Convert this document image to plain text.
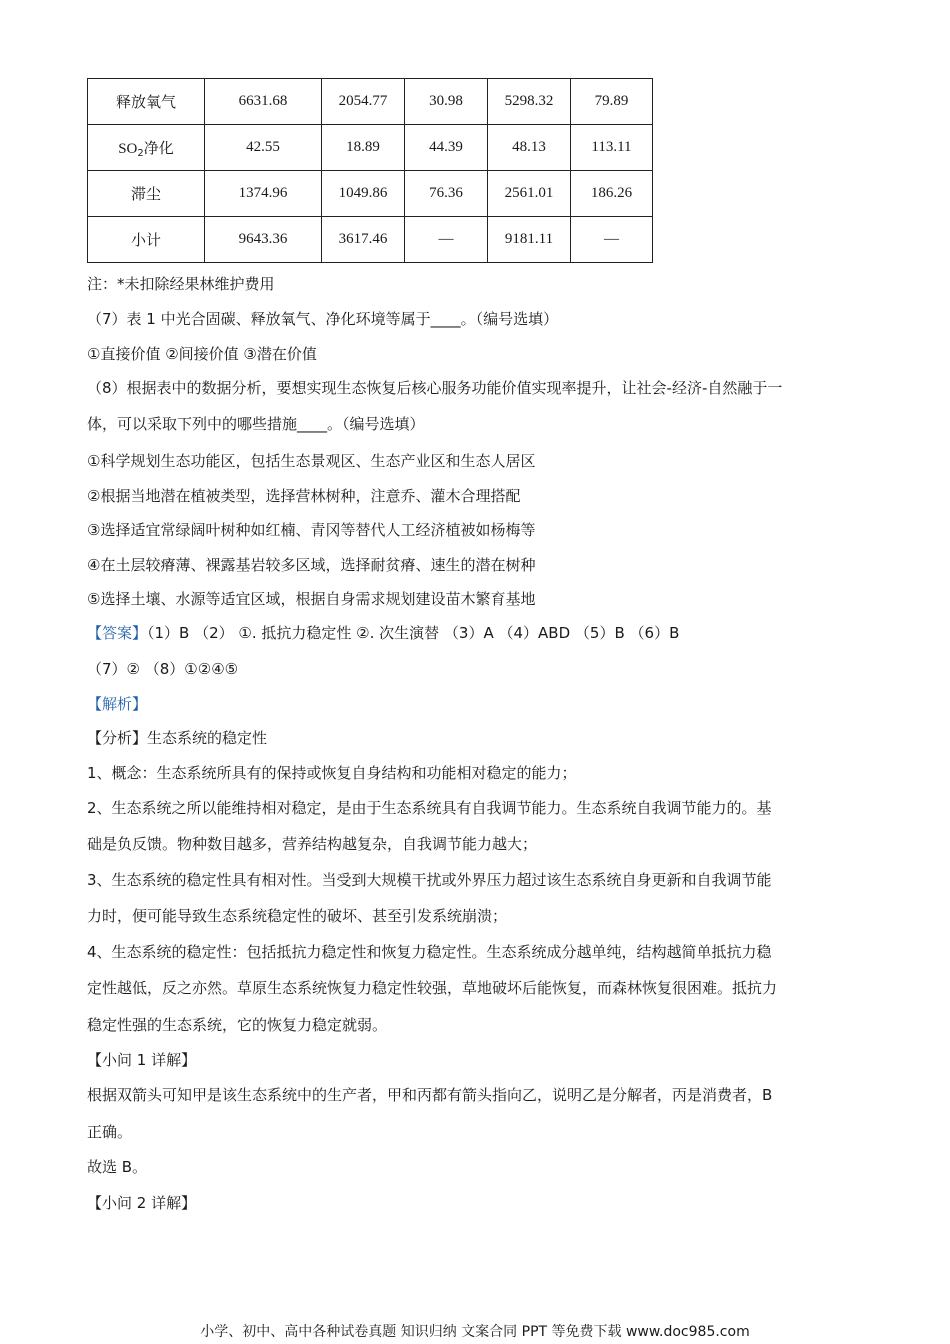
释放氧气	6631.68	2054.77	30.98	5298.32	79.89
$SO_2$净化	42.55	18.89	44.39	48.13	113.11
滞尘	1374.96	1049.86	76.36	2561.01	186.26
小计	9643.36	3617.46	—	9181.11	—
注：*未扣除经果林维护费用
（7）表 1 中光合固碳、释放氧气、净化环境等属于____。（编号选填）
①直接价值 ②间接价值 ③潜在价值
（8）根据表中的数据分析，要想实现生态恢复后核心服务功能价值实现率提升，让社会-经济-自然融于一
体，可以采取下列中的哪些措施____。（编号选填）
①科学规划生态功能区，包括生态景观区、生态产业区和生态人居区
②根据当地潜在植被类型，选择营林树种，注意乔、灌木合理搭配
③选择适宜常绿阔叶树种如红楠、青冈等替代人工经济植被如杨梅等
④在土层较瘠薄、裸露基岩较多区域，选择耐贫瘠、速生的潜在树种
⑤选择土壤、水源等适宜区域，根据自身需求规划建设苗木繁育基地
【答案】（1）B （2） ①. 抵抗力稳定性 ②. 次生演替 （3）A （4）ABD （5）B （6）B
（7）② （8）①②④⑤
【解析】
【分析】生态系统的稳定性
1、概念：生态系统所具有的保持或恢复自身结构和功能相对稳定的能力；
2、生态系统之所以能维持相对稳定，是由于生态系统具有自我调节能力。生态系统自我调节能力的。基
础是负反馈。物种数目越多，营养结构越复杂，自我调节能力越大；
3、生态系统的稳定性具有相对性。当受到大规模干扰或外界压力超过该生态系统自身更新和自我调节能
力时，便可能导致生态系统稳定性的破坏、甚至引发系统崩溃；
4、生态系统的稳定性：包括抵抗力稳定性和恢复力稳定性。生态系统成分越单纯，结构越简单抵抗力稳
定性越低，反之亦然。草原生态系统恢复力稳定性较强，草地破坏后能恢复，而森林恢复很困难。抵抗力
稳定性强的生态系统，它的恢复力稳定就弱。
【小问 1 详解】
根据双箭头可知甲是该生态系统中的生产者，甲和丙都有箭头指向乙，说明乙是分解者，丙是消费者，B
正确。
故选 B。
【小问 2 详解】
小学、初中、高中各种试卷真题 知识归纳 文案合同 PPT 等免费下载 www.doc985.com
